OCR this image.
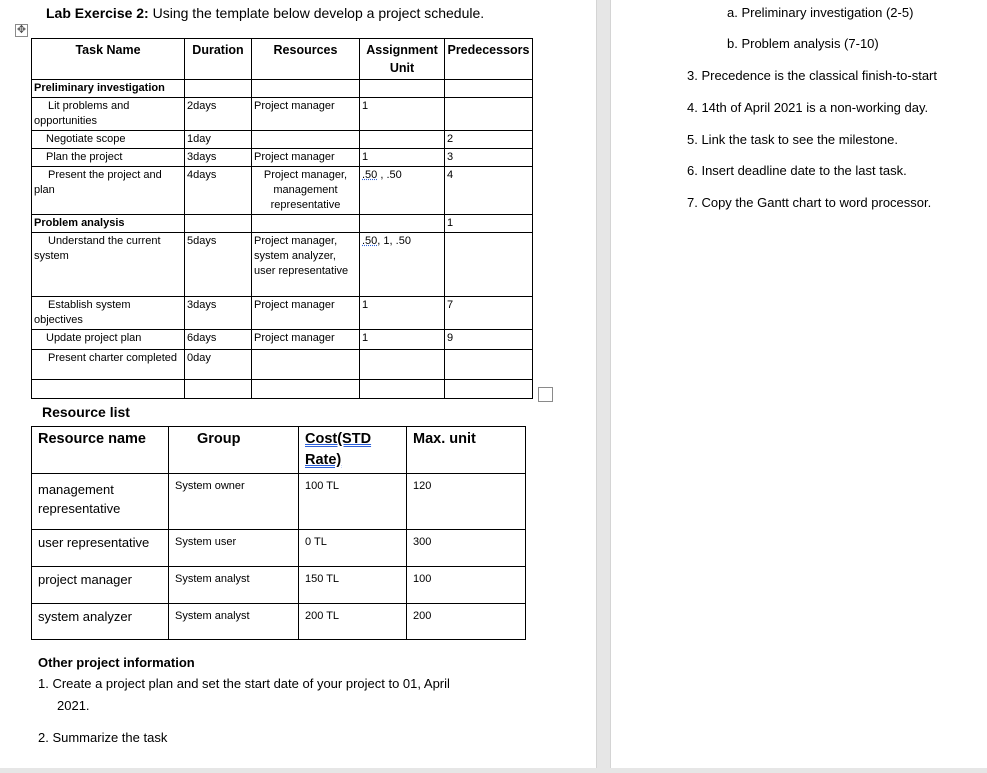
Lab Exercise 2: Using the template below develop a project schedule.
✥
Task Name	Duration	Resources	Assignment Unit	Predecessors
Preliminary investigation				
Lit problems and opportunities	2days	Project manager	1	
Negotiate scope	1day			2
Plan the project	3days	Project manager	1	3
Present the project and plan	4days	Project manager, management representative	.50 , .50	4
Problem analysis				1
Understand the current system	5days	Project manager, system analyzer, user representative	.50, 1, .50	
Establish system objectives	3days	Project manager	1	7
Update project plan	6days	Project manager	1	9
Present charter completed	0day			

Resource list
Resource name	Group	Cost(STD Rate)	Max. unit
management representative	System owner	100 TL	120
user representative	System user	0 TL	300
project manager	System analyst	150 TL	100
system analyzer	System analyst	200 TL	200
Other project information
1. Create a project plan and set the start date of your project to 01, April
2021.
2. Summarize the task
a. Preliminary investigation (2-5)
b. Problem analysis (7-10)
3. Precedence is the classical finish-to-start
4. 14th of April 2021 is a non-working day.
5. Link the task to see the milestone.
6. Insert deadline date to the last task.
7. Copy the Gantt chart to word processor.
